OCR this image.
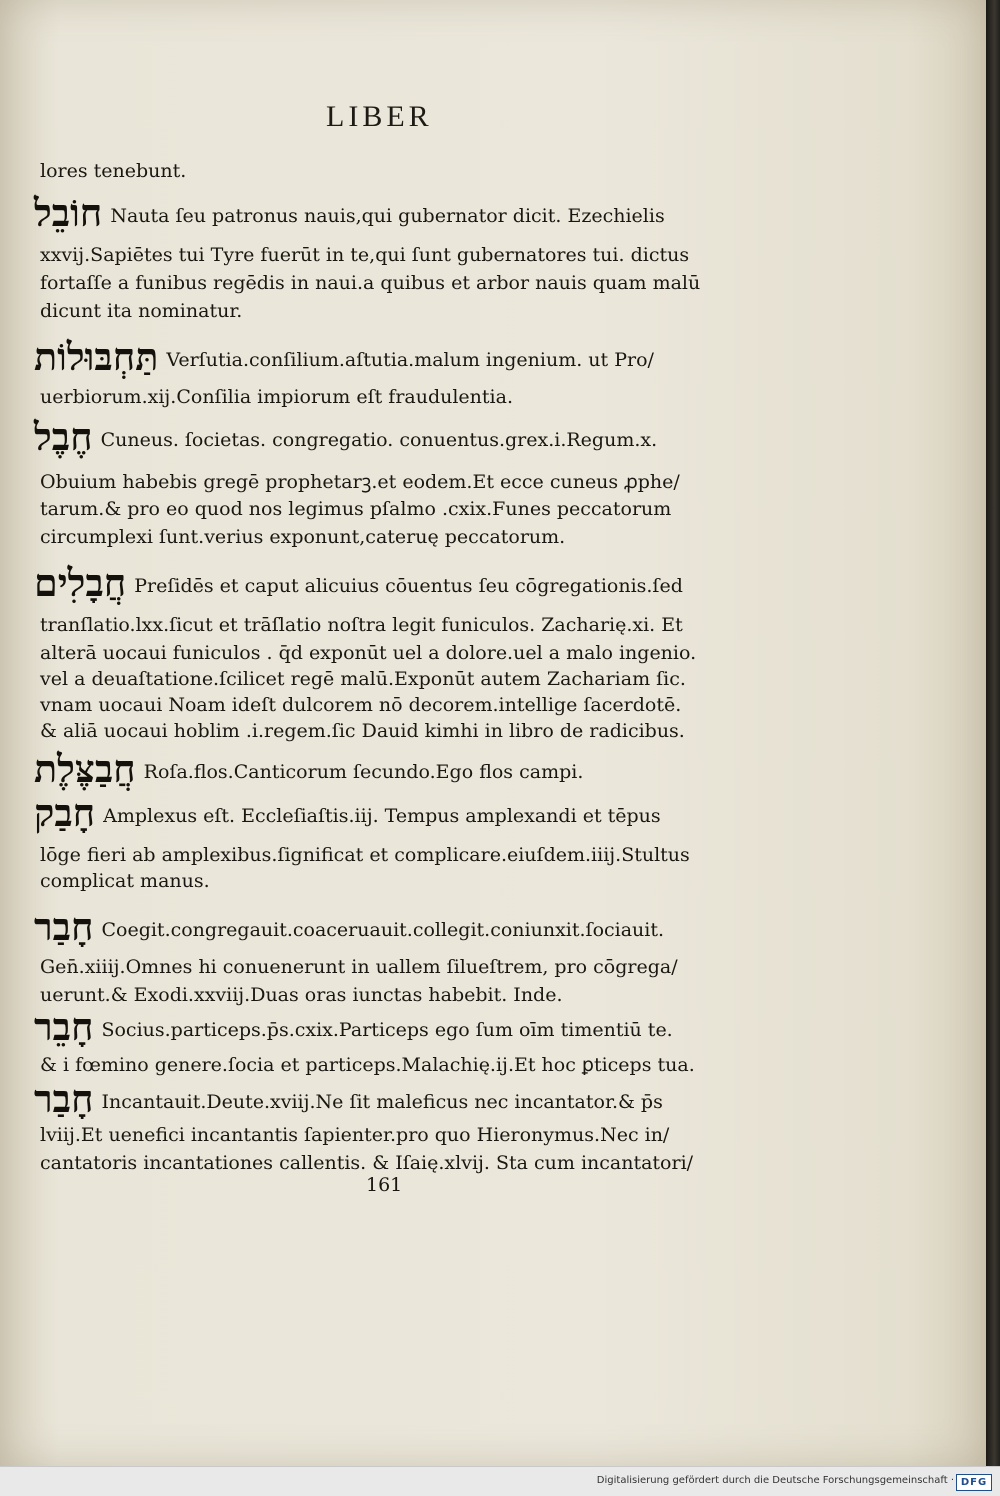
LIBER
lores tenebunt.
חוֹבֵל Nauta ſeu patronus nauis,qui gubernator dicit. Ezechielis
xxvij.Sapiētes tui Tyre fuerūt in te,qui ſunt gubernatores tui. dictus
fortaſſe a funibus regēdis in naui.a quibus et arbor nauis quam malū
dicunt ita nominatur.
תַּחְבּוּלוֹת Verſutia.conſilium.aſtutia.malum ingenium. ut Pro/
uerbiorum.xij.Conſilia impiorum eſt fraudulentia.
חֶבֶל Cuneus. ſocietas. congregatio. conuentus.grex.i.Regum.x.
Obuium habebis gregē prophetarꝫ.et eodem.Et ecce cuneus ꝓphe/
tarum.& pro eo quod nos legimus pſalmo .cxix.Funes peccatorum
circumplexi ſunt.verius exponunt,cateruę peccatorum.
חֲבָלִים Preſidēs et caput alicuius cōuentus ſeu cōgregationis.ſed
tranſlatio.lxx.ſicut et trāſlatio noſtra legit funiculos. Zacharię.xi. Et
alterā uocaui funiculos . q̄d exponūt uel a dolore.uel a malo ingenio.
vel a deuaſtatione.ſcilicet regē malū.Exponūt autem Zachariam ſic.
vnam uocaui Noam ideſt dulcorem nō decorem.intellige ſacerdotē.
& aliā uocaui hoblim .i.regem.ſic Dauid kimhi in libro de radicibus.
חֲבַצֶּלֶת Roſa.flos.Canticorum ſecundo.Ego flos campi.
חָבַק Amplexus eſt. Eccleſiaſtis.iij. Tempus amplexandi et tēpus
lōge fieri ab amplexibus.ſignificat et complicare.eiuſdem.iiij.Stultus
complicat manus.
חָבַר Coegit.congregauit.coaceruauit.collegit.coniunxit.ſociauit.
Gen̄.xiiij.Omnes hi conuenerunt in uallem ſilueſtrem, pro cōgrega/
uerunt.& Exodi.xxviij.Duas oras iunctas habebit. Inde.
חָבֵר Socius.particeps.p̄s.cxix.Particeps ego ſum oīm timentiū te.
& i fœmino genere.ſocia et particeps.Malachię.ij.Et hoc ꝑticeps tua.
חָבַר Incantauit.Deute.xviij.Ne ſit maleficus nec incantator.& p̄s
lviij.Et uenefici incantantis ſapienter.pro quo Hieronymus.Nec in/
cantatoris incantationes callentis. & Iſaię.xlvij. Sta cum incantatori/
161
Digitalisierung gefördert durch die Deutsche Forschungsgemeinschaft · DFG
